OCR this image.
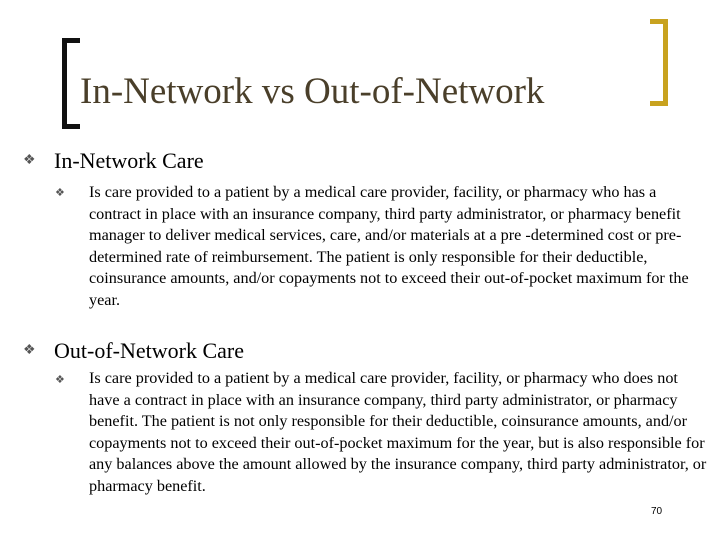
In-Network vs Out-of-Network
❖ In-Network Care
❖ Is care provided to a patient by a medical care provider, facility, or pharmacy who has a contract in place with an insurance company, third party administrator, or pharmacy benefit manager to deliver medical services, care, and/or materials at a pre -determined cost or pre-determined rate of reimbursement. The patient is only responsible for their deductible, coinsurance amounts, and/or copayments not to exceed their out-of-pocket maximum for the year.

❖ Out-of-Network Care
❖ Is care provided to a patient by a medical care provider, facility, or pharmacy who does not have a contract in place with an insurance company, third party administrator, or pharmacy benefit. The patient is not only responsible for their deductible, coinsurance amounts, and/or copayments not to exceed their out-of-pocket maximum for the year, but is also responsible for any balances above the amount allowed by the insurance company, third party administrator, or pharmacy benefit.

70
